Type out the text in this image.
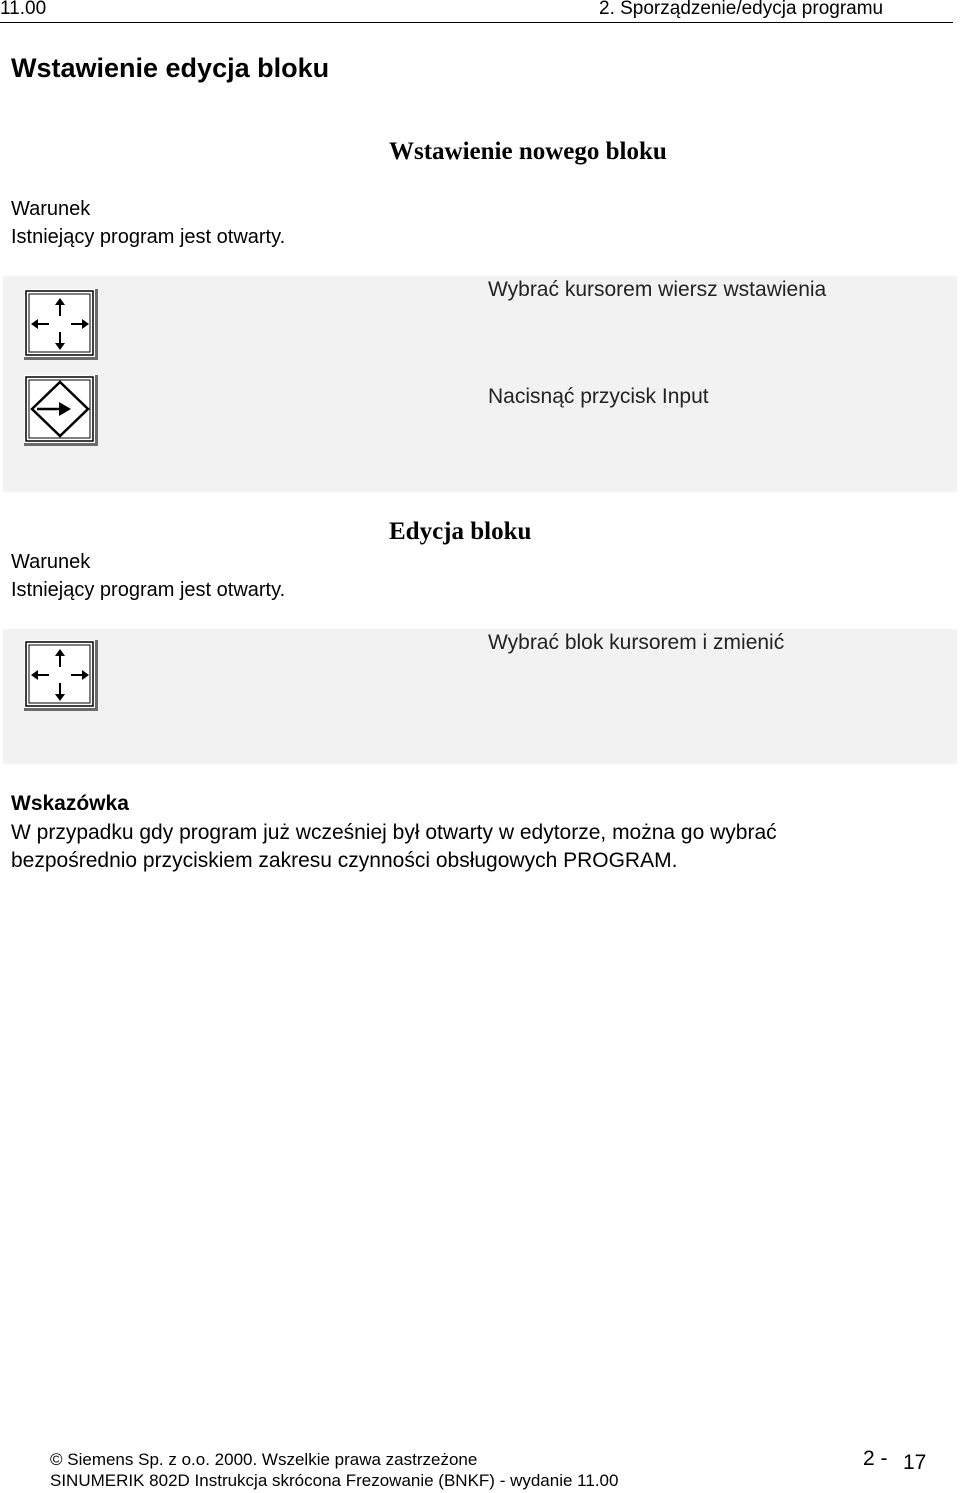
11.00	2. Sporządzenie/edycja programu
Wstawienie edycja bloku
Wstawienie nowego bloku
Warunek
Istniejący program jest otwarty.
Wybrać kursorem wiersz wstawienia
Nacisnąć przycisk Input
Edycja bloku
Warunek
Istniejący program jest otwarty.
Wybrać blok kursorem i zmienić
Wskazówka
W przypadku gdy program już wcześniej był otwarty w edytorze, można go wybrać
bezpośrednio przyciskiem zakresu czynności obsługowych PROGRAM.
© Siemens Sp. z o.o. 2000. Wszelkie prawa zastrzeżone
SINUMERIK 802D Instrukcja skrócona Frezowanie (BNKF) - wydanie 11.00
2 - 17
